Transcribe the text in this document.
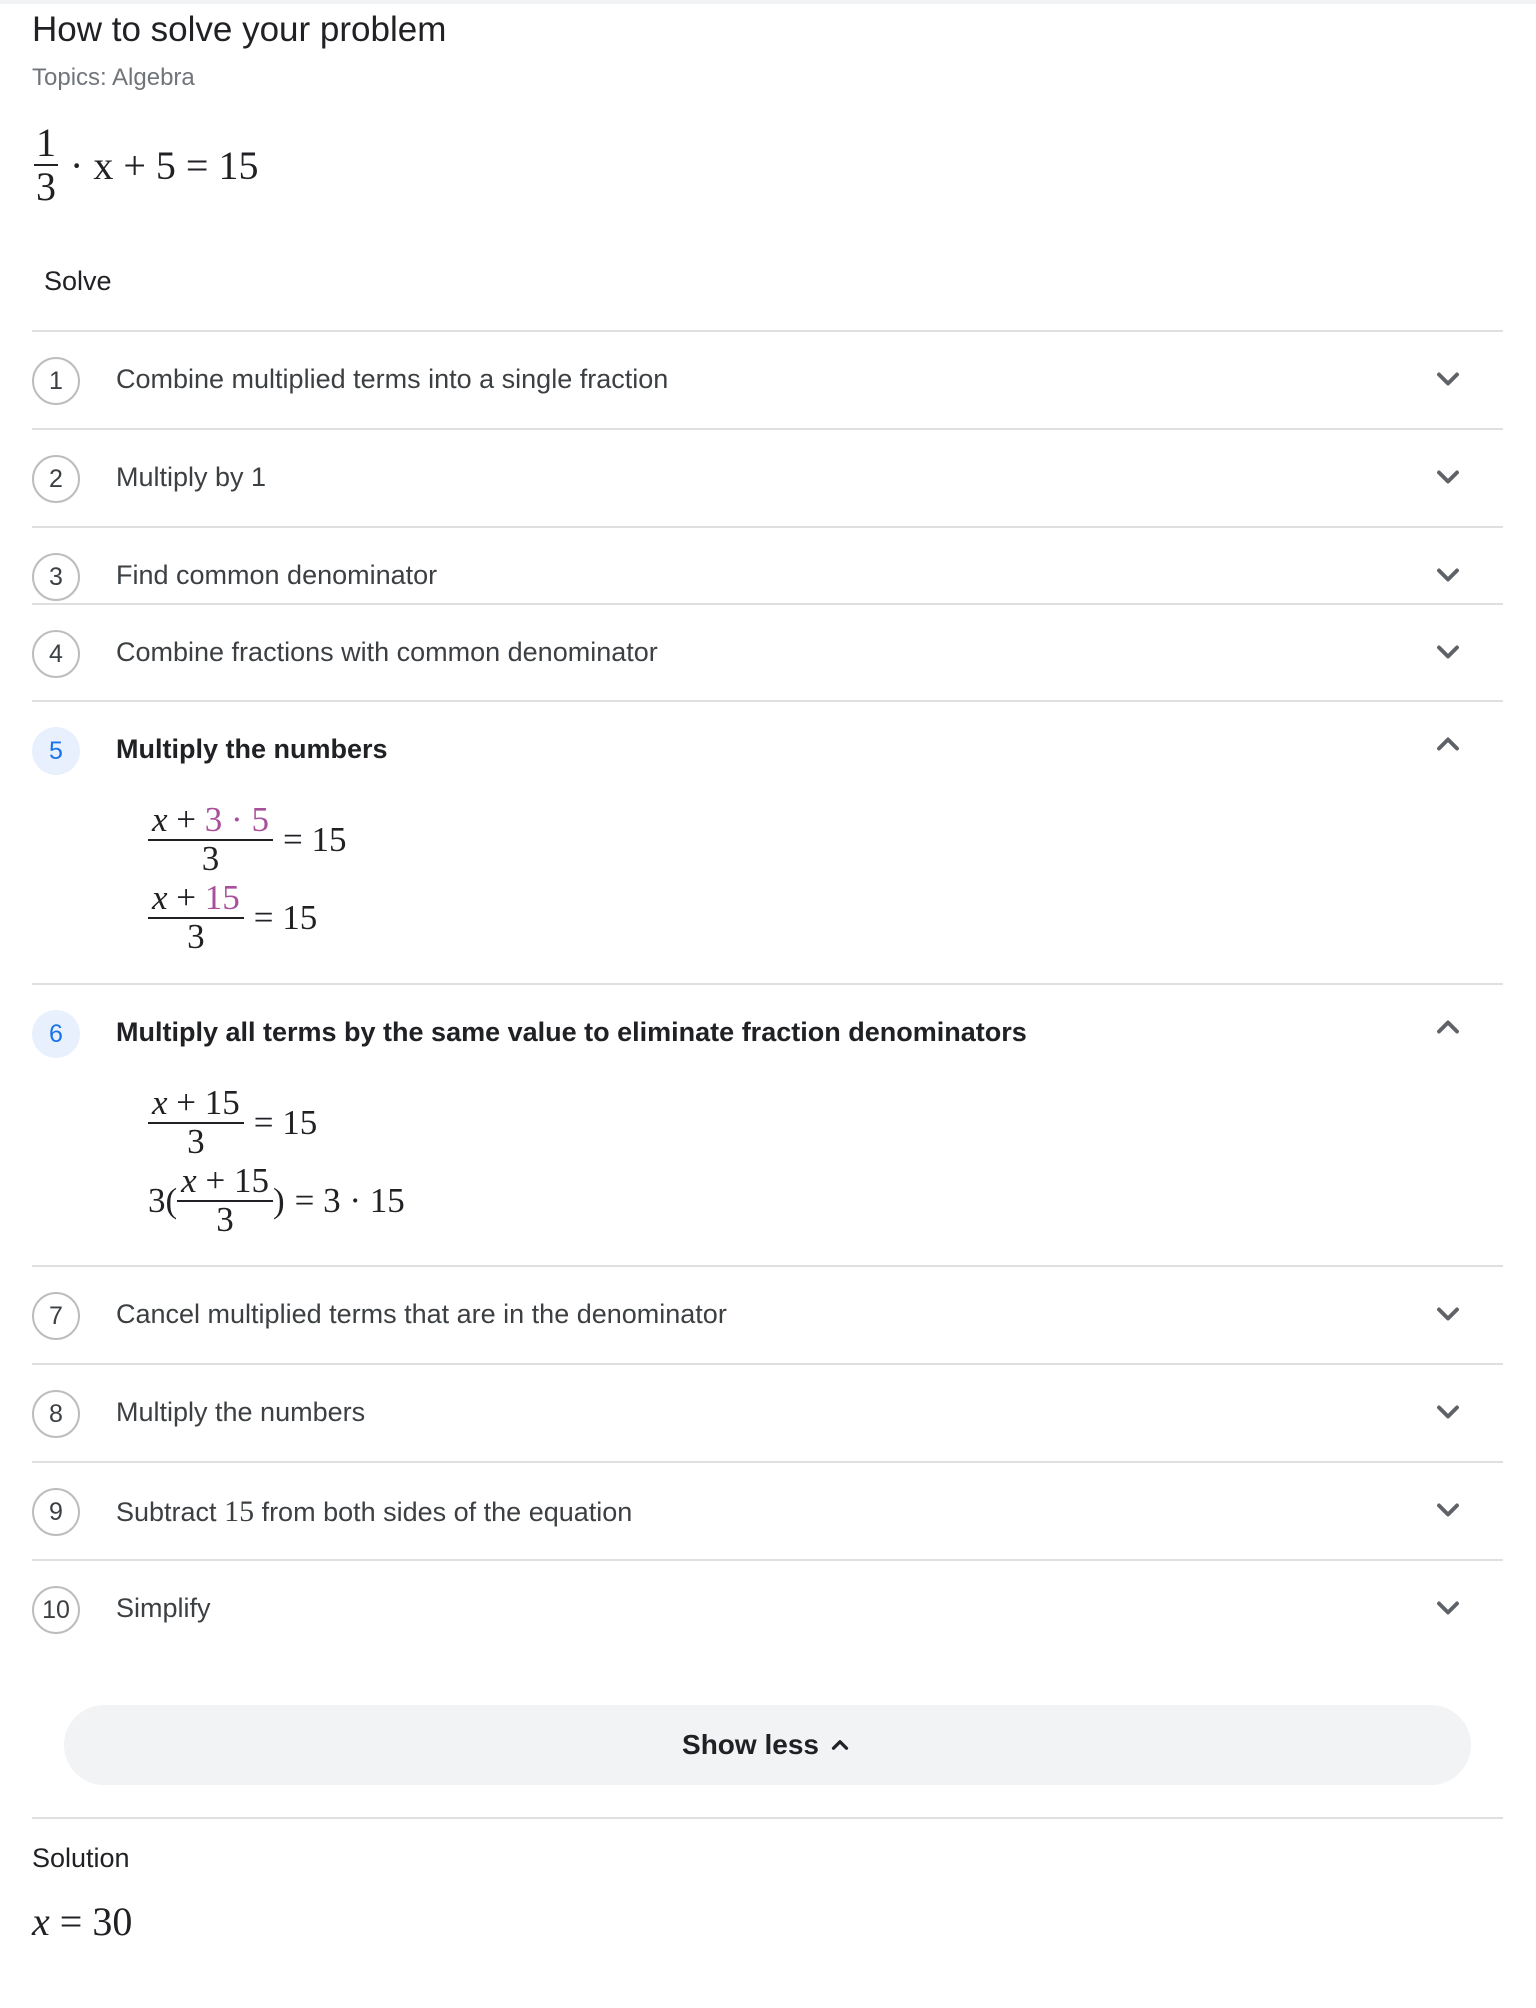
How to solve your problem
Topics: Algebra
$\frac{1}{3} \cdot x + 5 = 15$
Solve
1	Combine multiplied terms into a single fraction
2	Multiply by 1
3	Find common denominator
4	Combine fractions with common denominator
5	Multiply the numbers
$\frac{x + 3 \cdot 5}{3} = 15$
$\frac{x + 15}{3} = 15$
6	Multiply all terms by the same value to eliminate fraction denominators
$\frac{x + 15}{3} = 15$
$3( \frac{x + 15}{3}$ ) = 3 · 15
7	Cancel multiplied terms that are in the denominator
8	Multiply the numbers
9	Subtract 15 from both sides of the equation
10	Simplify
Show less
Solution
x = 30
